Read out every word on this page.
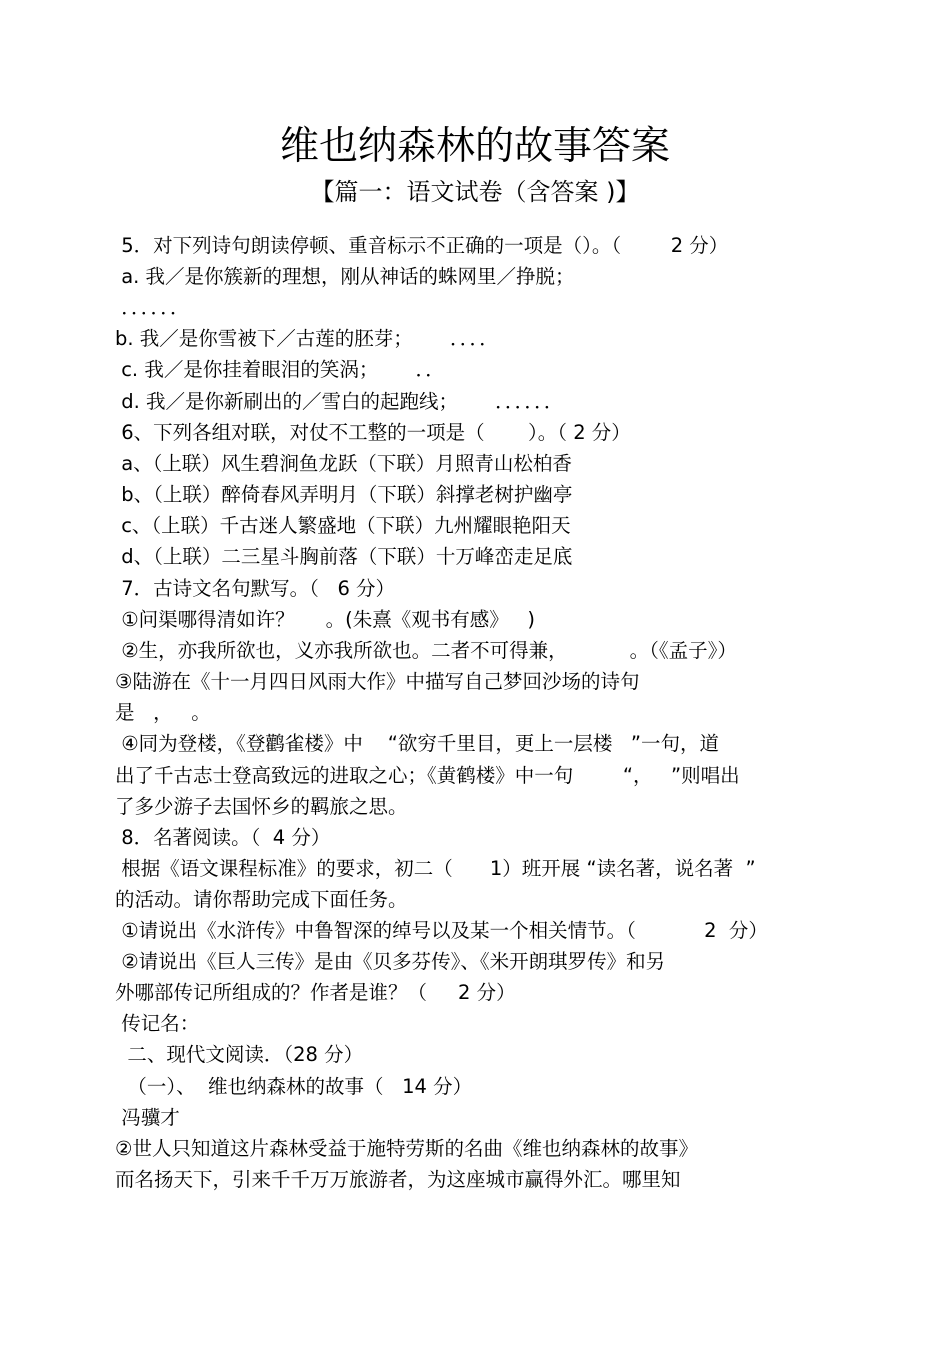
维也纳森林的故事答案
【篇一：语文试卷（含答案 )】
5．对下列诗句朗读停顿、重音标示不正确的一项是（）。（        2 分）
a. 我／是你簇新的理想，刚从神话的蛛网里／挣脱；
．．．．．．
b. 我／是你雪被下／古莲的胚芽；      ．．．．
c. 我／是你挂着眼泪的笑涡；      ．．
d. 我／是你新刷出的／雪白的起跑线；      ．．．．．．
6、下列各组对联，对仗不工整的一项是（       ）。（ 2 分）
a、（上联）风生碧涧鱼龙跃（下联）月照青山松柏香
b、（上联）醉倚春风弄明月（下联）斜撑老树护幽亭
c、（上联）千古迷人繁盛地（下联）九州耀眼艳阳天
d、（上联）二三星斗胸前落（下联）十万峰峦走足底
7．古诗文名句默写。（   6 分）
①问渠哪得清如许？     。(朱熹《观书有感》   )
②生，亦我所欲也，义亦我所欲也。二者不可得兼，          。（《孟子》）
③陆游在《十一月四日风雨大作》中描写自己梦回沙场的诗句
是   ，   。
④同为登楼，《登鹳雀楼》中    “欲穷千里目，更上一层楼   ”一句，道
出了千古志士登高致远的进取之心；《黄鹤楼》中一句        “，   ”则唱出
了多少游子去国怀乡的羁旅之思。
8．名著阅读。（  4 分）
根据《语文课程标准》的要求，初二（      1）班开展 “读名著，说名著  ”
的活动。请你帮助完成下面任务。
①请说出《水浒传》中鲁智深的绰号以及某一个相关情节。（           2  分）
②请说出《巨人三传》是由《贝多芬传》、《米开朗琪罗传》和另
外哪部传记所组成的？作者是谁？（     2 分）
传记名：
二、现代文阅读．（28 分）
（一）、  维也纳森林的故事（   14 分）
冯骥才
②世人只知道这片森林受益于施特劳斯的名曲《维也纳森林的故事》
而名扬天下，引来千千万万旅游者，为这座城市赢得外汇。哪里知
